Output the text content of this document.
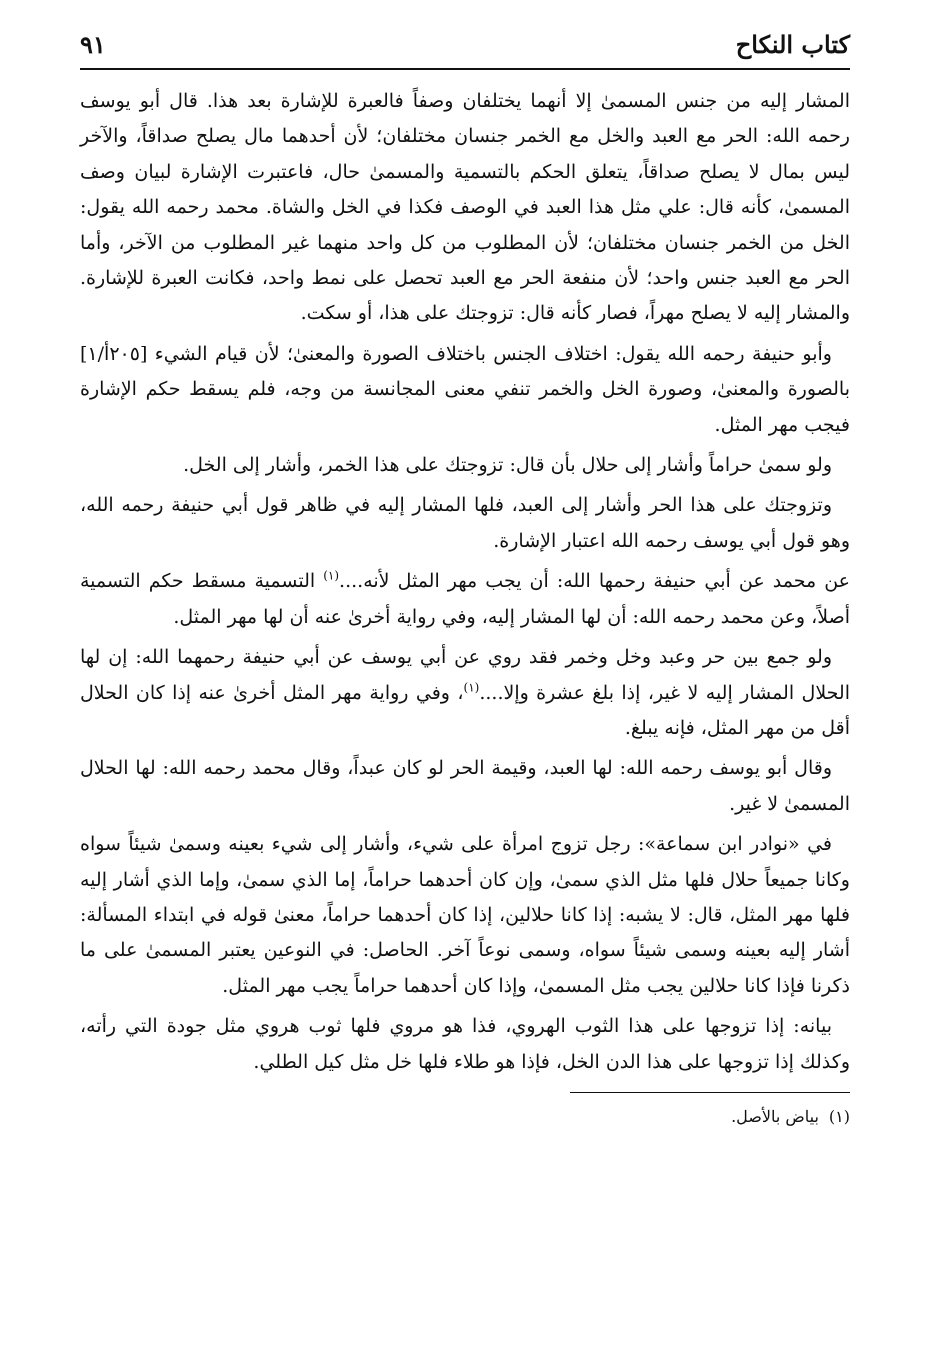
كتاب النكاح
٩١

المشار إليه من جنس المسمىٰ إلا أنهما يختلفان وصفاً فالعبرة للإشارة بعد هذا. قال أبو يوسف رحمه الله: الحر مع العبد والخل مع الخمر جنسان مختلفان؛ لأن أحدهما مال يصلح صداقاً، والآخر ليس بمال لا يصلح صداقاً، يتعلق الحكم بالتسمية والمسمىٰ حال، فاعتبرت الإشارة لبيان وصف المسمىٰ، كأنه قال: علي مثل هذا العبد في الوصف فكذا في الخل والشاة. محمد رحمه الله يقول: الخل من الخمر جنسان مختلفان؛ لأن المطلوب من كل واحد منهما غير المطلوب من الآخر، وأما الحر مع العبد جنس واحد؛ لأن منفعة الحر مع العبد تحصل على نمط واحد، فكانت العبرة للإشارة. والمشار إليه لا يصلح مهراً، فصار كأنه قال: تزوجتك على هذا، أو سكت.

وأبو حنيفة رحمه الله يقول: اختلاف الجنس باختلاف الصورة والمعنىٰ؛ لأن قيام الشيء [٢٠٥أ/١] بالصورة والمعنىٰ، وصورة الخل والخمر تنفي معنى المجانسة من وجه، فلم يسقط حكم الإشارة فيجب مهر المثل.

ولو سمىٰ حراماً وأشار إلى حلال بأن قال: تزوجتك على هذا الخمر، وأشار إلى الخل.

وتزوجتك على هذا الحر وأشار إلى العبد، فلها المشار إليه في ظاهر قول أبي حنيفة رحمه الله، وهو قول أبي يوسف رحمه الله اعتبار الإشارة.

عن محمد عن أبي حنيفة رحمها الله: أن يجب مهر المثل لأنه....$^{(١)}$ التسمية مسقط حكم التسمية أصلاً، وعن محمد رحمه الله: أن لها المشار إليه، وفي رواية أخرىٰ عنه أن لها مهر المثل.

ولو جمع بين حر وعبد وخل وخمر فقد روي عن أبي يوسف عن أبي حنيفة رحمهما الله: إن لها الحلال المشار إليه لا غير، إذا بلغ عشرة وإلا....$^{(١)}$، وفي رواية مهر المثل أخرىٰ عنه إذا كان الحلال أقل من مهر المثل، فإنه يبلغ.

وقال أبو يوسف رحمه الله: لها العبد، وقيمة الحر لو كان عبداً، وقال محمد رحمه الله: لها الحلال المسمىٰ لا غير.

في «نوادر ابن سماعة»: رجل تزوج امرأة على شيء، وأشار إلى شيء بعينه وسمىٰ شيئاً سواه وكانا جميعاً حلال فلها مثل الذي سمىٰ، وإن كان أحدهما حراماً، إما الذي سمىٰ، وإما الذي أشار إليه فلها مهر المثل، قال: لا يشبه: إذا كانا حلالين، إذا كان أحدهما حراماً، معنىٰ قوله في ابتداء المسألة: أشار إليه بعينه وسمى شيئاً سواه، وسمى نوعاً آخر. الحاصل: في النوعين يعتبر المسمىٰ على ما ذكرنا فإذا كانا حلالين يجب مثل المسمىٰ، وإذا كان أحدهما حراماً يجب مهر المثل.

بيانه: إذا تزوجها على هذا الثوب الهروي، فذا هو مروي فلها ثوب هروي مثل جودة التي رأته، وكذلك إذا تزوجها على هذا الدن الخل، فإذا هو طلاء فلها خل مثل كيل الطلي.

(١)بياض بالأصل.
